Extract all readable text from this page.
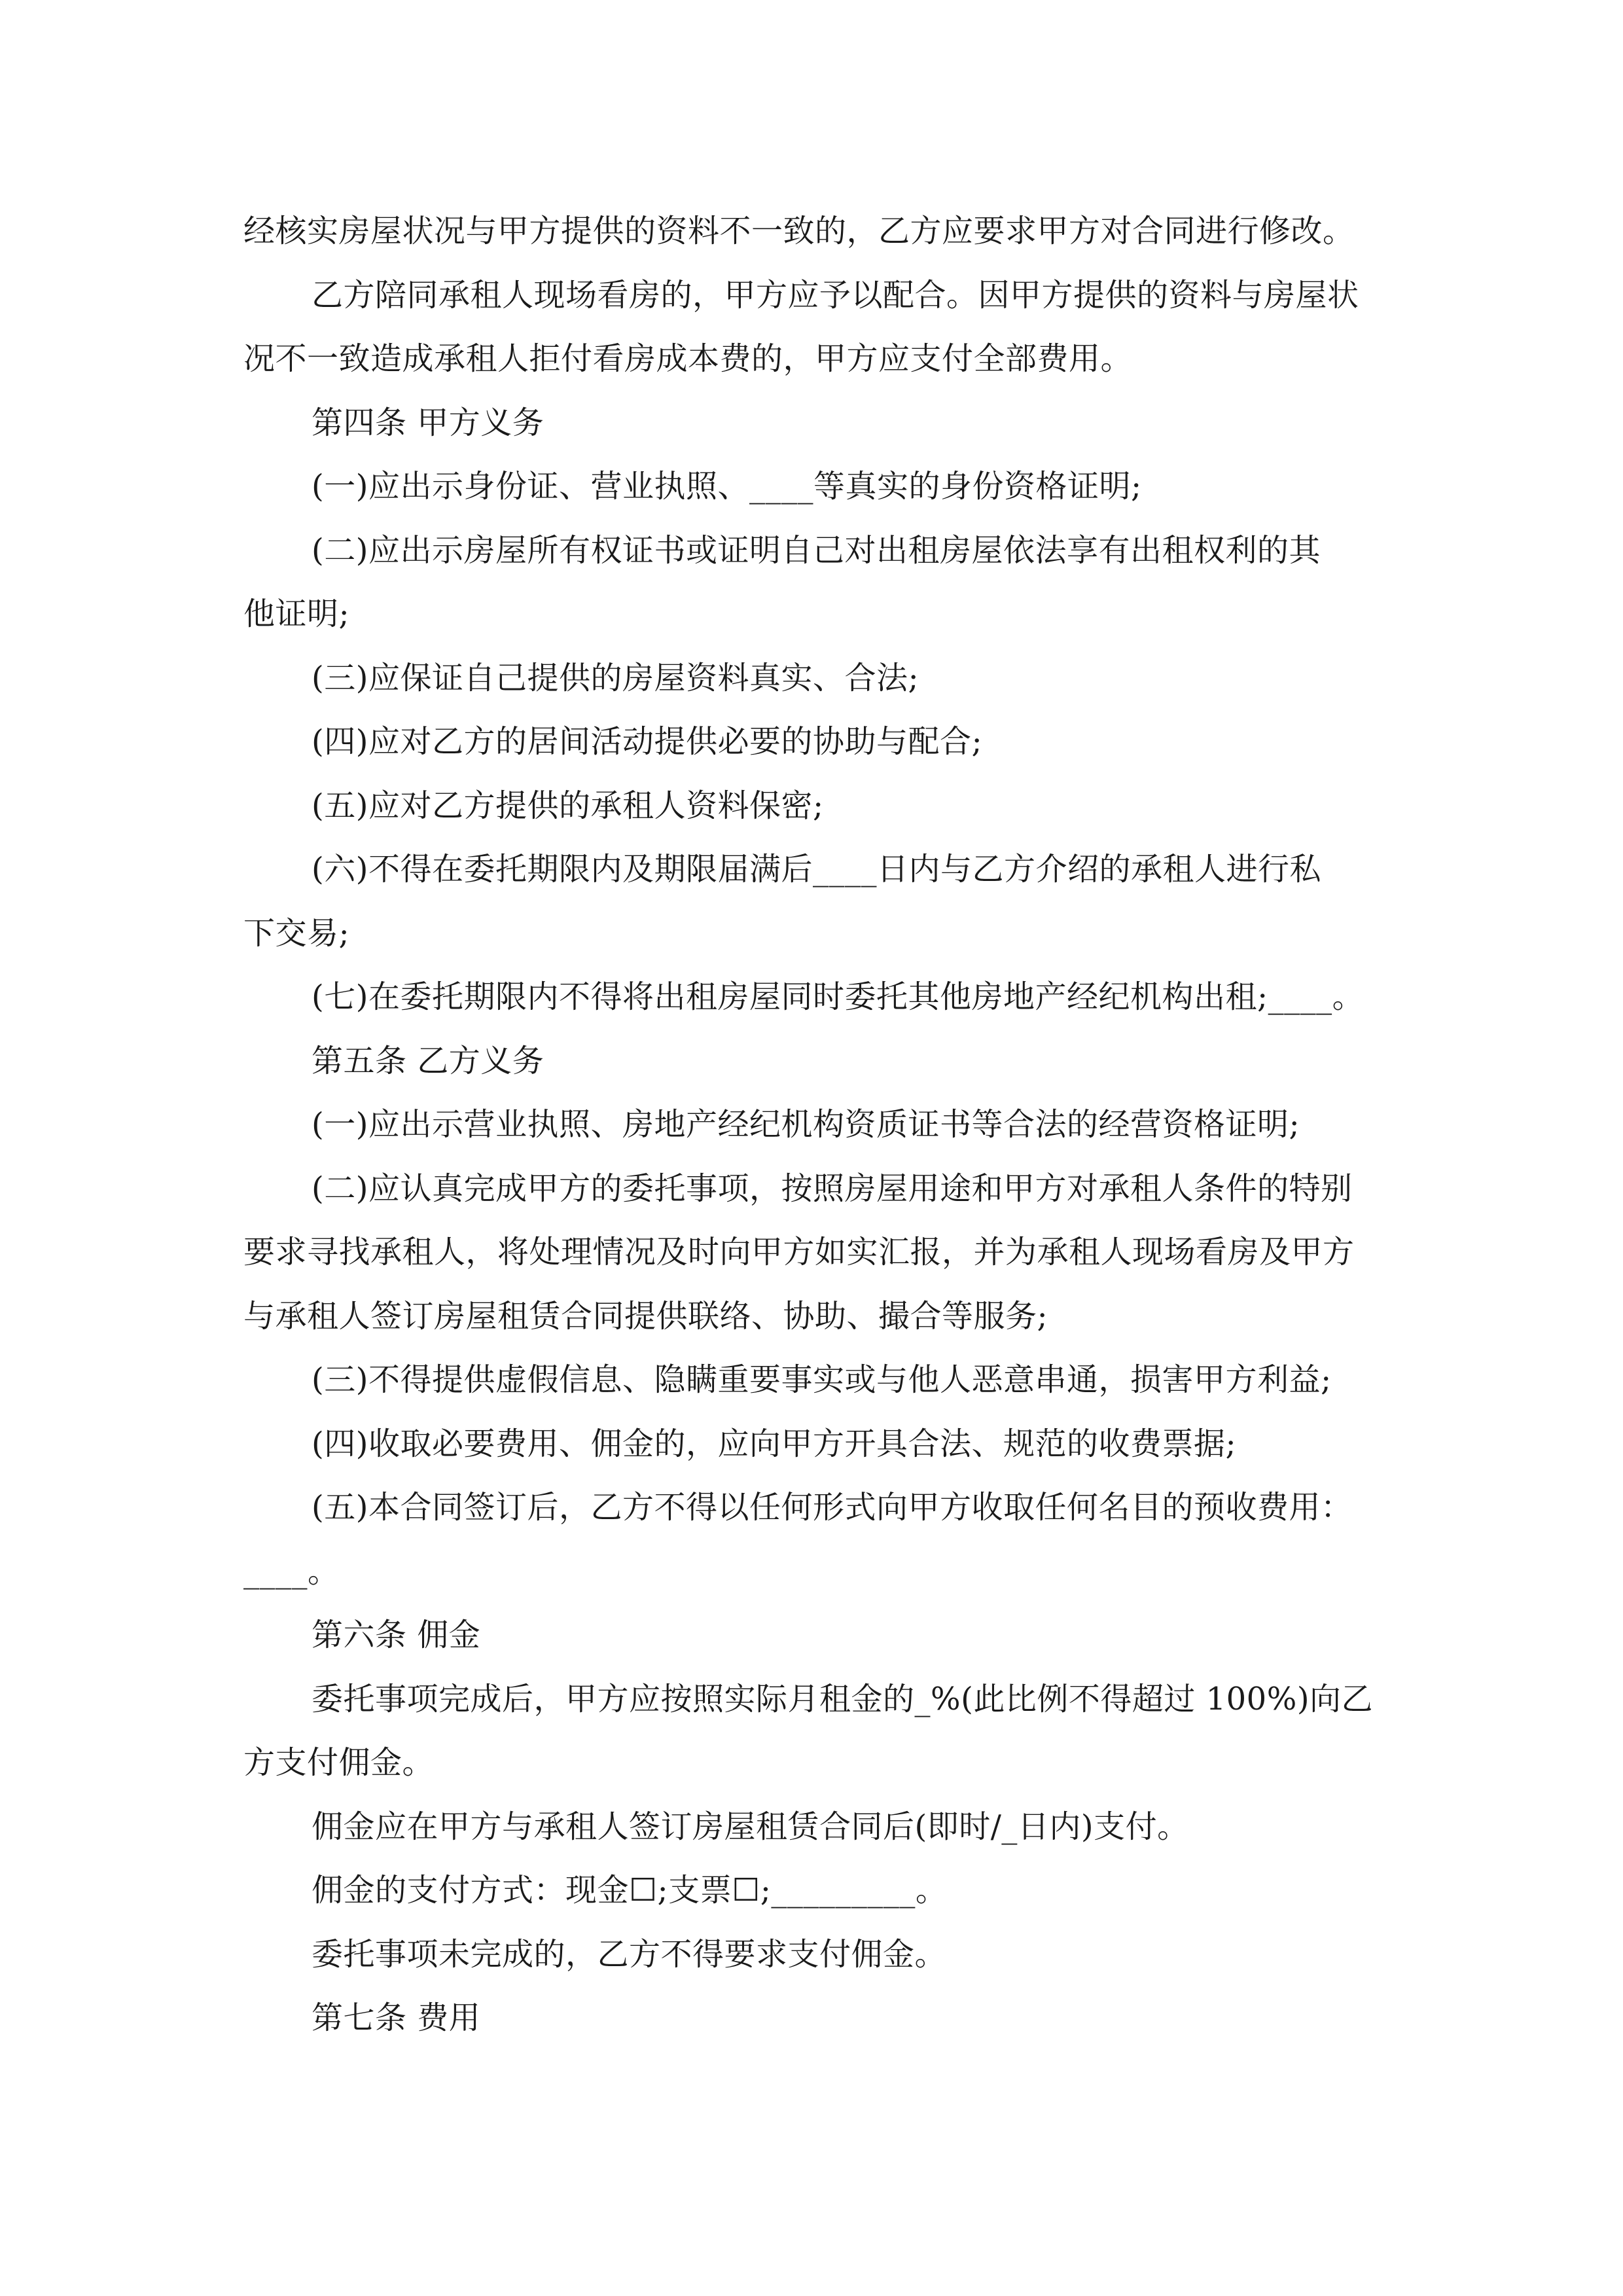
经核实房屋状况与甲方提供的资料不一致的，乙方应要求甲方对合同进行修改。
乙方陪同承租人现场看房的，甲方应予以配合。因甲方提供的资料与房屋状
况不一致造成承租人拒付看房成本费的，甲方应支付全部费用。
第四条 甲方义务
(一)应出示身份证、营业执照、____等真实的身份资格证明;
(二)应出示房屋所有权证书或证明自己对出租房屋依法享有出租权利的其
他证明;
(三)应保证自己提供的房屋资料真实、合法;
(四)应对乙方的居间活动提供必要的协助与配合;
(五)应对乙方提供的承租人资料保密;
(六)不得在委托期限内及期限届满后____日内与乙方介绍的承租人进行私
下交易;
(七)在委托期限内不得将出租房屋同时委托其他房地产经纪机构出租;____。
第五条 乙方义务
(一)应出示营业执照、房地产经纪机构资质证书等合法的经营资格证明;
(二)应认真完成甲方的委托事项，按照房屋用途和甲方对承租人条件的特别
要求寻找承租人，将处理情况及时向甲方如实汇报，并为承租人现场看房及甲方
与承租人签订房屋租赁合同提供联络、协助、撮合等服务;
(三)不得提供虚假信息、隐瞒重要事实或与他人恶意串通，损害甲方利益;
(四)收取必要费用、佣金的，应向甲方开具合法、规范的收费票据;
(五)本合同签订后，乙方不得以任何形式向甲方收取任何名目的预收费用：
____。
第六条 佣金
委托事项完成后，甲方应按照实际月租金的_%(此比例不得超过 100%)向乙
方支付佣金。
佣金应在甲方与承租人签订房屋租赁合同后(即时/_日内)支付。
佣金的支付方式：现金☐;支票☐;_________。
委托事项未完成的，乙方不得要求支付佣金。
第七条 费用
